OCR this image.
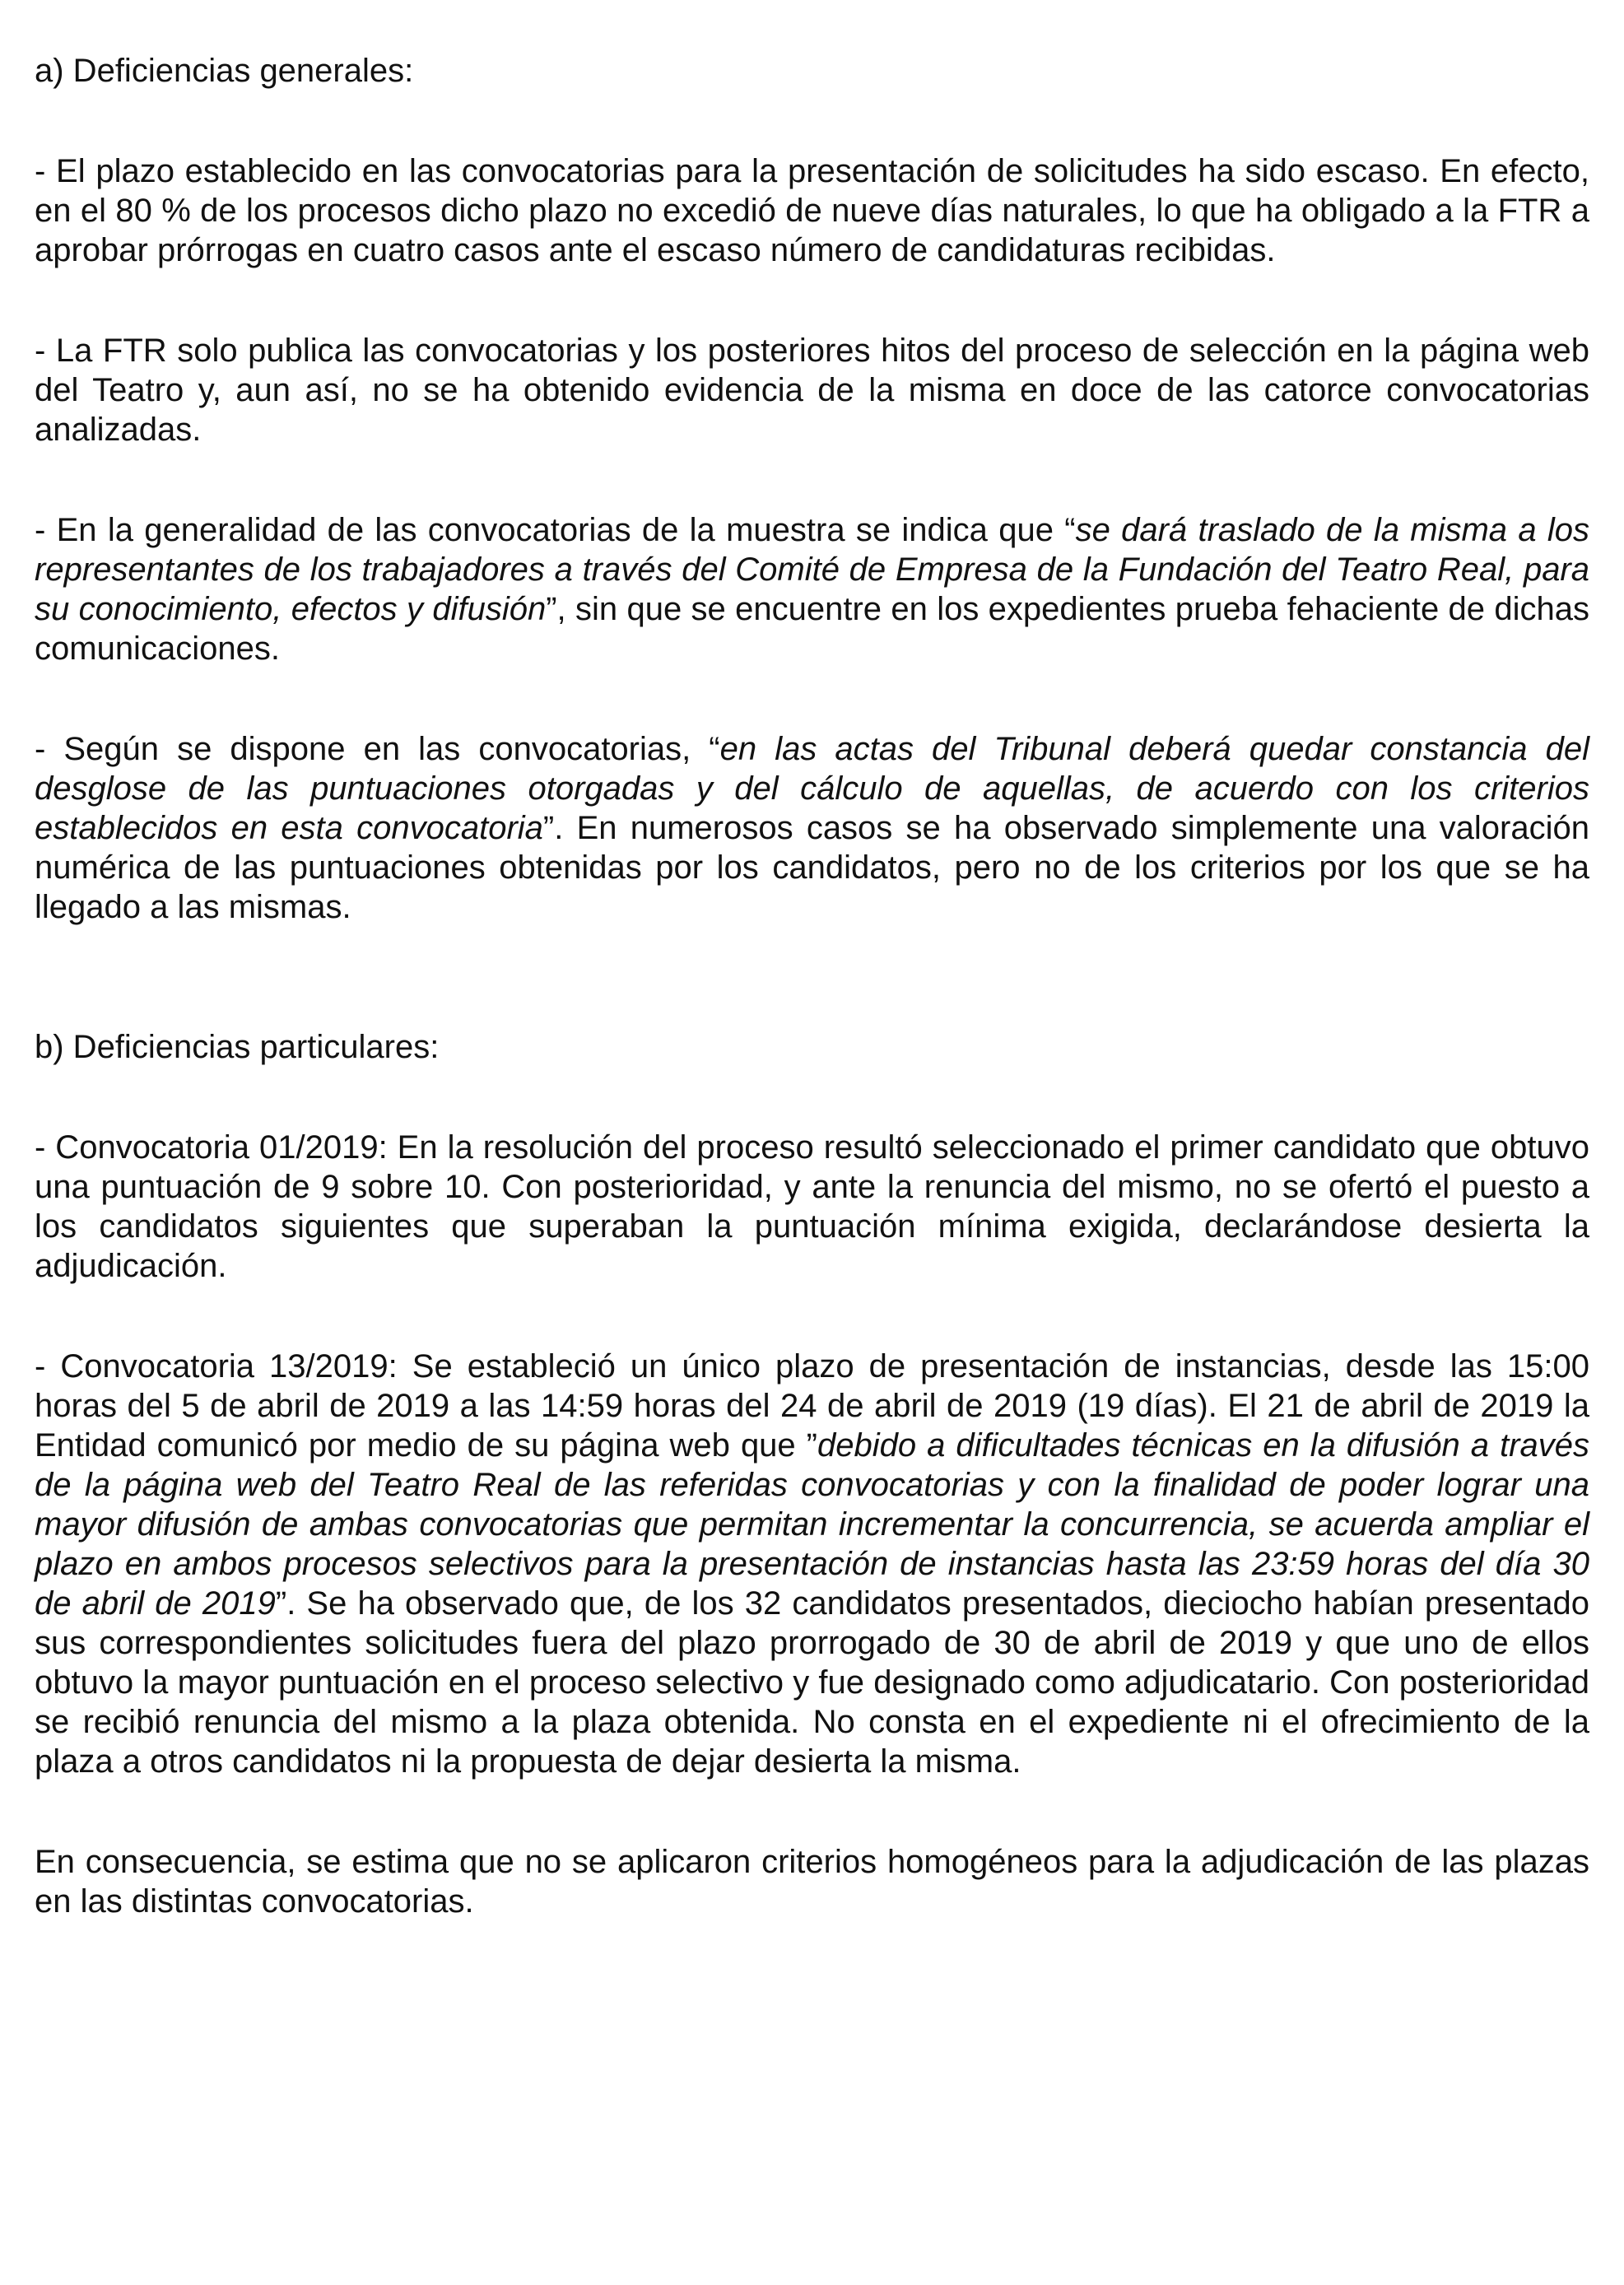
a) Deficiencias generales:

- El plazo establecido en las convocatorias para la presentación de solicitudes ha sido escaso. En efecto, en el 80 % de los procesos dicho plazo no excedió de nueve días naturales, lo que ha obligado a la FTR a aprobar prórrogas en cuatro casos ante el escaso número de candidaturas recibidas.

- La FTR solo publica las convocatorias y los posteriores hitos del proceso de selección en la página web del Teatro y, aun así, no se ha obtenido evidencia de la misma en doce de las catorce convocatorias analizadas.

- En la generalidad de las convocatorias de la muestra se indica que “se dará traslado de la misma a los representantes de los trabajadores a través del Comité de Empresa de la Fundación del Teatro Real, para su conocimiento, efectos y difusión”, sin que se encuentre en los expedientes prueba fehaciente de dichas comunicaciones.

- Según se dispone en las convocatorias, “en las actas del Tribunal deberá quedar constancia del desglose de las puntuaciones otorgadas y del cálculo de aquellas, de acuerdo con los criterios establecidos en esta convocatoria”. En numerosos casos se ha observado simplemente una valoración numérica de las puntuaciones obtenidas por los candidatos, pero no de los criterios por los que se ha llegado a las mismas.

b) Deficiencias particulares:

- Convocatoria 01/2019: En la resolución del proceso resultó seleccionado el primer candidato que obtuvo una puntuación de 9 sobre 10. Con posterioridad, y ante la renuncia del mismo, no se ofertó el puesto a los candidatos siguientes que superaban la puntuación mínima exigida, declarándose desierta la adjudicación.

- Convocatoria 13/2019: Se estableció un único plazo de presentación de instancias, desde las 15:00 horas del 5 de abril de 2019 a las 14:59 horas del 24 de abril de 2019 (19 días). El 21 de abril de 2019 la Entidad comunicó por medio de su página web que ”debido a dificultades técnicas en la difusión a través de la página web del Teatro Real de las referidas convocatorias y con la finalidad de poder lograr una mayor difusión de ambas convocatorias que permitan incrementar la concurrencia, se acuerda ampliar el plazo en ambos procesos selectivos para la presentación de instancias hasta las 23:59 horas del día 30 de abril de 2019”. Se ha observado que, de los 32 candidatos presentados, dieciocho habían presentado sus correspondientes solicitudes fuera del plazo prorrogado de 30 de abril de 2019 y que uno de ellos obtuvo la mayor puntuación en el proceso selectivo y fue designado como adjudicatario. Con posterioridad se recibió renuncia del mismo a la plaza obtenida. No consta en el expediente ni el ofrecimiento de la plaza a otros candidatos ni la propuesta de dejar desierta la misma.

En consecuencia, se estima que no se aplicaron criterios homogéneos para la adjudicación de las plazas en las distintas convocatorias.
